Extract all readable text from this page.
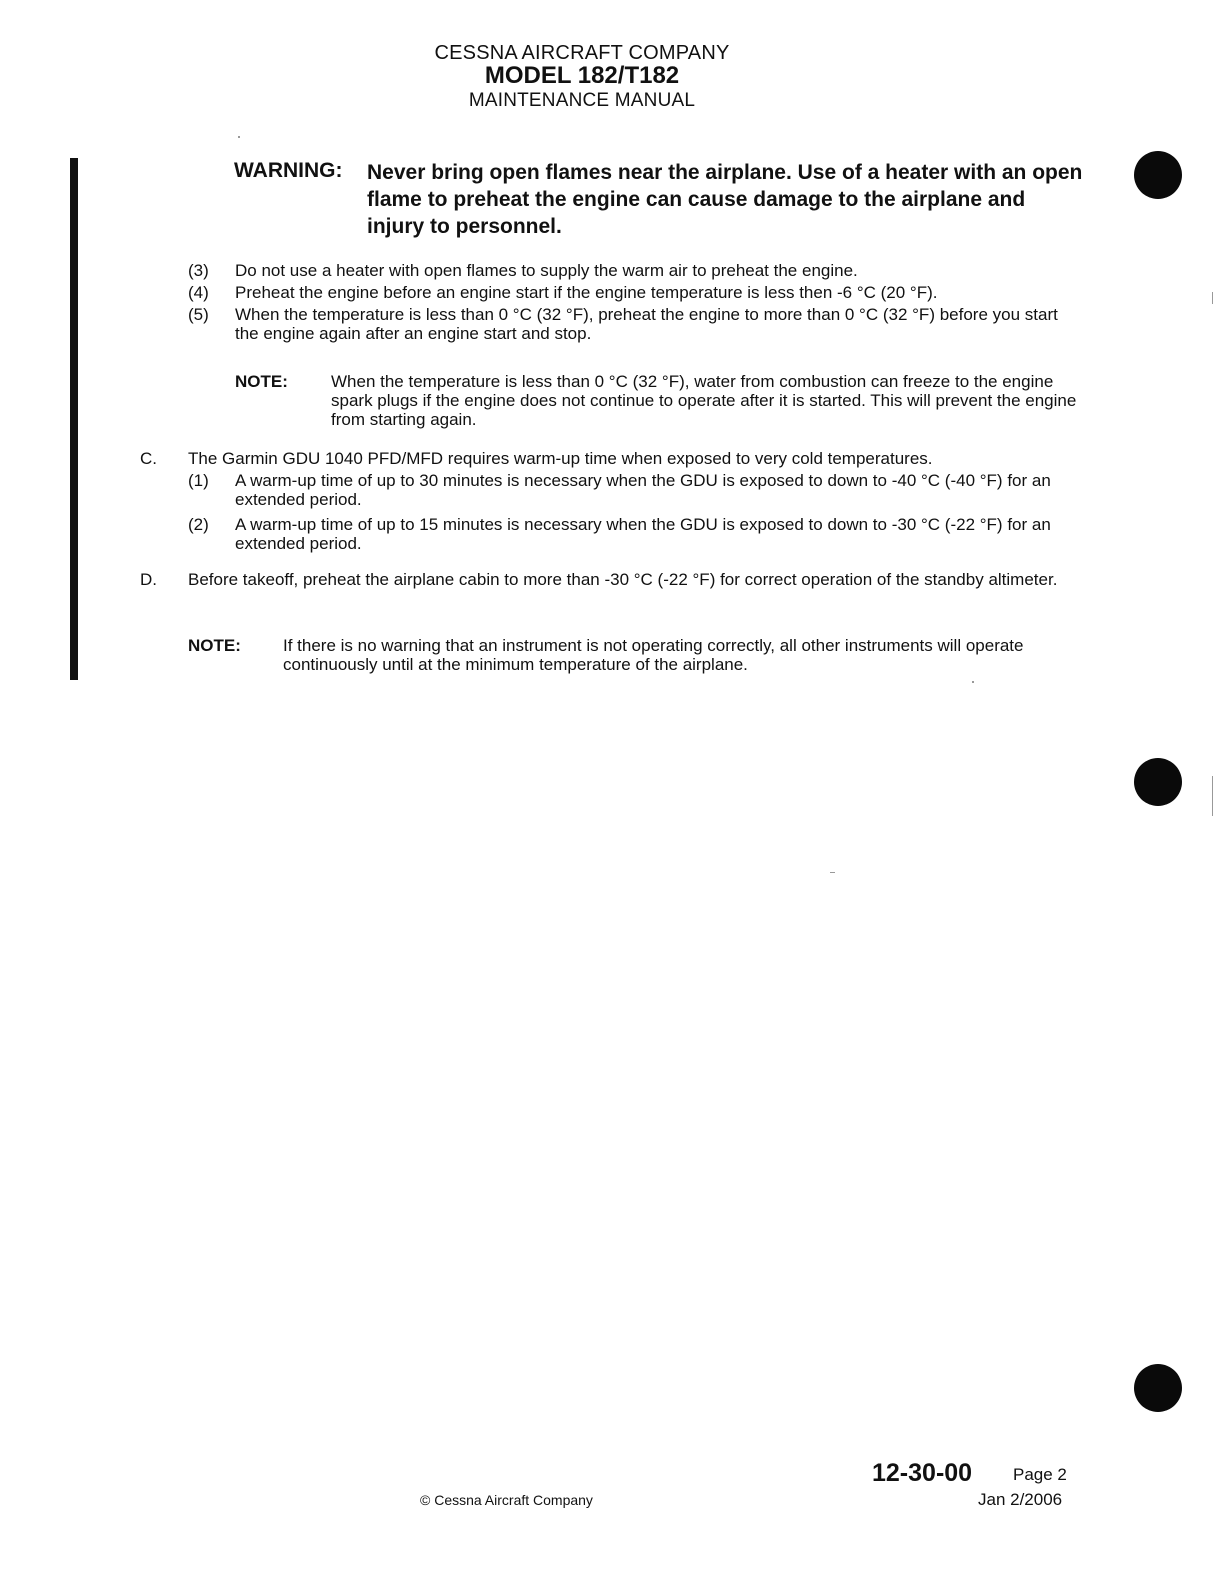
CESSNA AIRCRAFT COMPANY
MODEL 182/T182
MAINTENANCE MANUAL
WARNING: Never bring open flames near the airplane. Use of a heater with an open flame to preheat the engine can cause damage to the airplane and injury to personnel.
(3) Do not use a heater with open flames to supply the warm air to preheat the engine.
(4) Preheat the engine before an engine start if the engine temperature is less then -6 °C (20 °F).
(5) When the temperature is less than 0 °C (32 °F), preheat the engine to more than 0 °C (32 °F) before you start the engine again after an engine start and stop.
NOTE:	When the temperature is less than 0 °C (32 °F), water from combustion can freeze to the engine spark plugs if the engine does not continue to operate after it is started. This will prevent the engine from starting again.
C. The Garmin GDU 1040 PFD/MFD requires warm-up time when exposed to very cold temperatures.
(1) A warm-up time of up to 30 minutes is necessary when the GDU is exposed to down to -40 °C (-40 °F) for an extended period.
(2) A warm-up time of up to 15 minutes is necessary when the GDU is exposed to down to -30 °C (-22 °F) for an extended period.
D. Before takeoff, preheat the airplane cabin to more than -30 °C (-22 °F) for correct operation of the standby altimeter.
NOTE: If there is no warning that an instrument is not operating correctly, all other instruments will operate continuously until at the minimum temperature of the airplane.
12-30-00 Page 2
Jan 2/2006
© Cessna Aircraft Company
